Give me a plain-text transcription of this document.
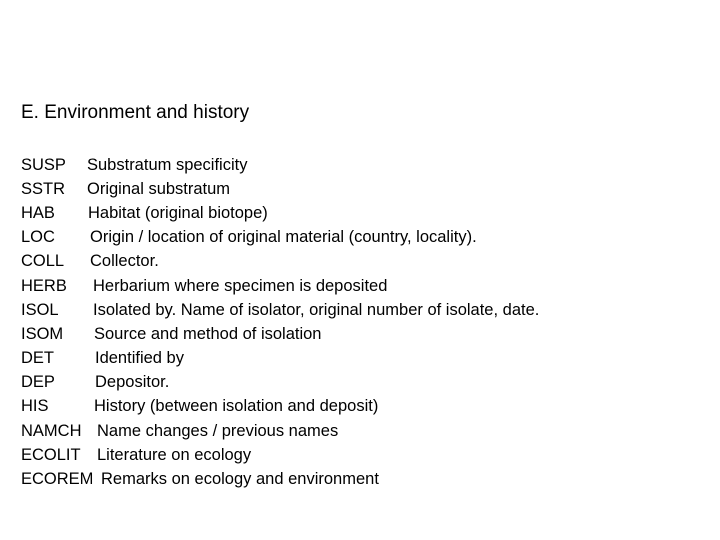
E. Environment and history
SUSP Substratum specificity
SSTR Original substratum
HAB Habitat (original biotope)
LOC Origin / location of original material (country, locality).
COLL Collector.
HERB Herbarium where specimen is deposited
ISOL Isolated by. Name of isolator, original number of isolate, date.
ISOM Source and method of isolation
DET Identified by
DEP Depositor.
HIS	History (between isolation and deposit)
NAMCH Name changes / previous names
ECOLIT Literature on ecology
ECOREM Remarks on ecology and environment
